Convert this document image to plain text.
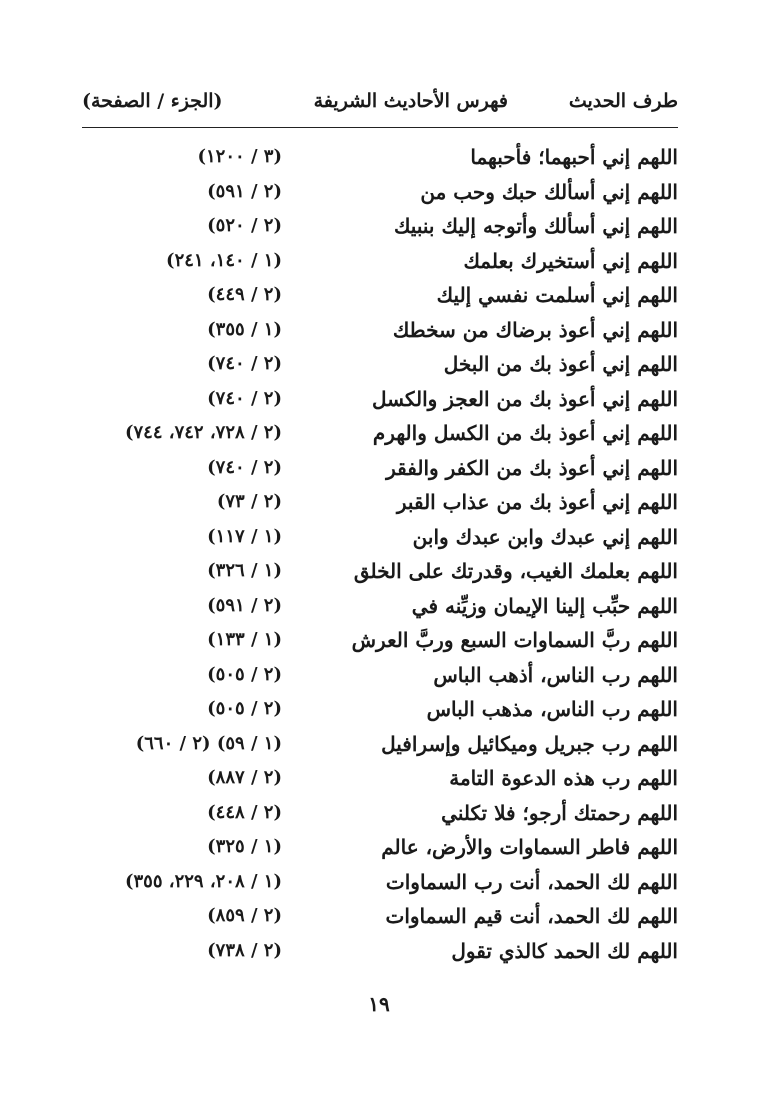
طرف الحديث
فهرس الأحاديث الشريفة
(الجزء / الصفحة)
اللهم إني أحبهما؛ فأحبهما
(٣ / ١٢٠٠)
اللهم إني أسألك حبك وحب من
(٢ / ٥٩١)
اللهم إني أسألك وأتوجه إليك بنبيك
(٢ / ٥٢٠)
اللهم إني أستخيرك بعلمك
(١ / ١٤٠، ٢٤١)
اللهم إني أسلمت نفسي إليك
(٢ / ٤٤٩)
اللهم إني أعوذ برضاك من سخطك
(١ / ٣٥٥)
اللهم إني أعوذ بك من البخل
(٢ / ٧٤٠)
اللهم إني أعوذ بك من العجز والكسل
(٢ / ٧٤٠)
اللهم إني أعوذ بك من الكسل والهرم
(٢ / ٧٢٨، ٧٤٢، ٧٤٤)
اللهم إني أعوذ بك من الكفر والفقر
(٢ / ٧٤٠)
اللهم إني أعوذ بك من عذاب القبر
(٢ / ٧٣)
اللهم إني عبدك وابن عبدك وابن
(١ / ١١٧)
اللهم بعلمك الغيب، وقدرتك على الخلق
(١ / ٣٢٦)
اللهم حبِّب إلينا الإيمان وزيِّنه في
(٢ / ٥٩١)
اللهم ربَّ السماوات السبع وربَّ العرش
(١ / ١٣٣)
اللهم رب الناس، أذهب الباس
(٢ / ٥٠٥)
اللهم رب الناس، مذهب الباس
(٢ / ٥٠٥)
اللهم رب جبريل وميكائيل وإسرافيل
(١ / ٥٩) (٢ / ٦٦٠)
اللهم رب هذه الدعوة التامة
(٢ / ٨٨٧)
اللهم رحمتك أرجو؛ فلا تكلني
(٢ / ٤٤٨)
اللهم فاطر السماوات والأرض، عالم
(١ / ٣٢٥)
اللهم لك الحمد، أنت رب السماوات
(١ / ٢٠٨، ٢٢٩، ٣٥٥)
اللهم لك الحمد، أنت قيم السماوات
(٢ / ٨٥٩)
اللهم لك الحمد كالذي تقول
(٢ / ٧٣٨)
١٩
